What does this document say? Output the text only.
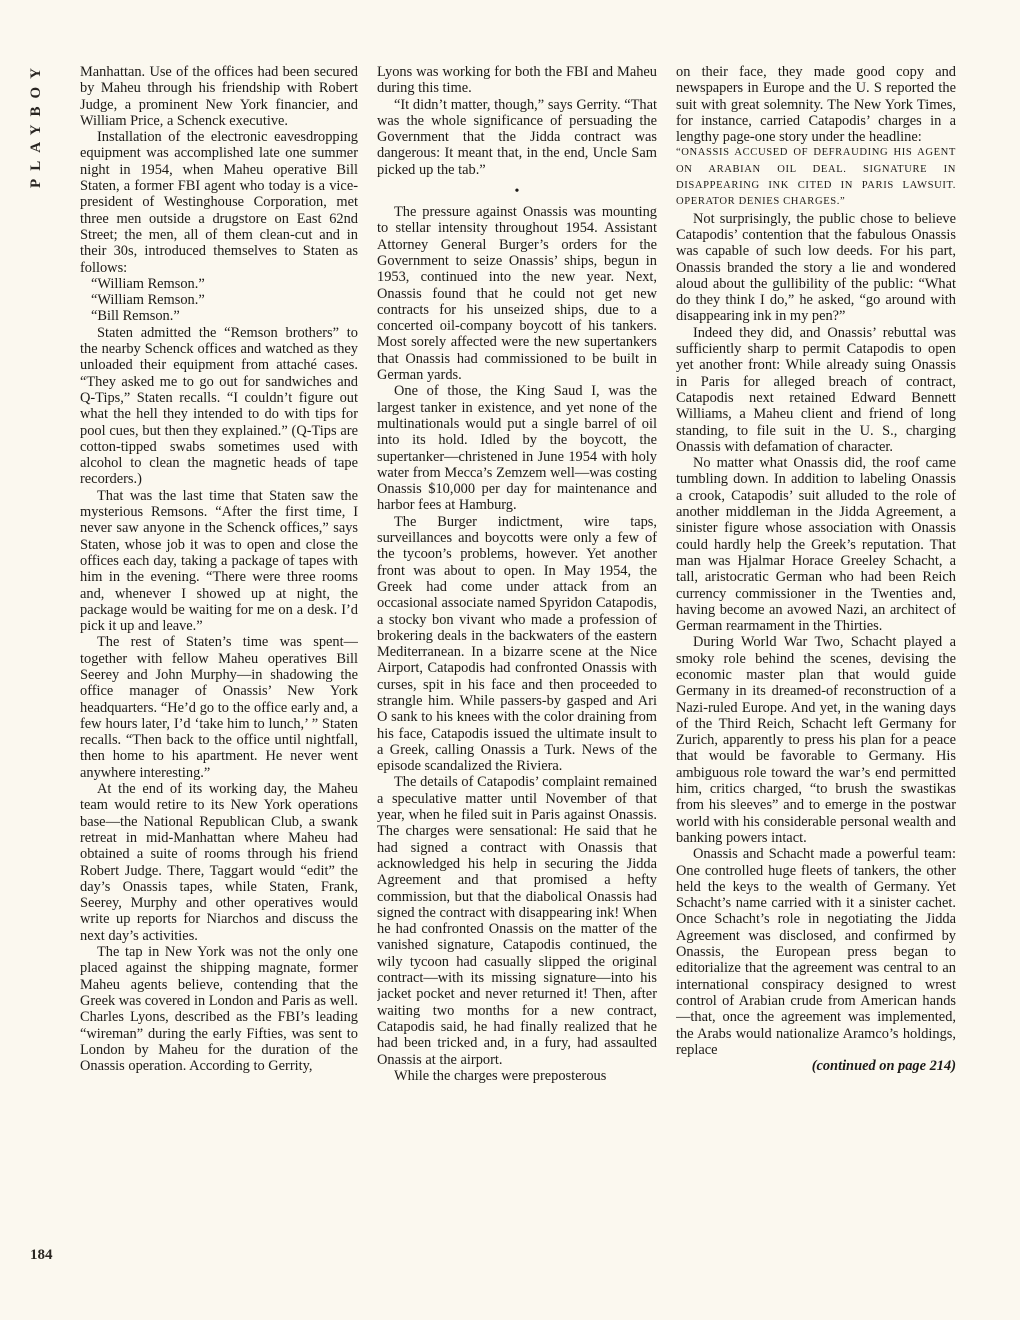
PLAYBOY	Manhattan. Use of the offices had been secured by Maheu through his friendship with Robert Judge, a prominent New York financier, and William Price, a Schenck executive.

Installation of the electronic eavesdropping equipment was accomplished late one summer night in 1954, when Maheu operative Bill Staten, a former FBI agent who today is a vice-president of Westinghouse Corporation, met three men outside a drugstore on East 62nd Street; the men, all of them clean-cut and in their 30s, introduced themselves to Staten as follows:

“William Remson.”

“William Remson.”

“Bill Remson.”

Staten admitted the “Remson brothers” to the nearby Schenck offices and watched as they unloaded their equipment from attaché cases. “They asked me to go out for sandwiches and Q-Tips,” Staten recalls. “I couldn’t figure out what the hell they intended to do with tips for pool cues, but then they explained.” (Q-Tips are cotton-tipped swabs sometimes used with alcohol to clean the magnetic heads of tape recorders.)

That was the last time that Staten saw the mysterious Remsons. “After the first time, I never saw anyone in the Schenck offices,” says Staten, whose job it was to open and close the offices each day, taking a package of tapes with him in the evening. “There were three rooms and, whenever I showed up at night, the package would be waiting for me on a desk. I’d pick it up and leave.”

The rest of Staten’s time was spent—together with fellow Maheu operatives Bill Seerey and John Murphy—in shadowing the office manager of Onassis’ New York headquarters. “He’d go to the office early and, a few hours later, I’d ‘take him to lunch,’ ” Staten recalls. “Then back to the office until nightfall, then home to his apartment. He never went anywhere interesting.”

At the end of its working day, the Maheu team would retire to its New York operations base—the National Republican Club, a swank retreat in mid-Manhattan where Maheu had obtained a suite of rooms through his friend Robert Judge. There, Taggart would “edit” the day’s Onassis tapes, while Staten, Frank, Seerey, Murphy and other operatives would write up reports for Niarchos and discuss the next day’s activities.

The tap in New York was not the only one placed against the shipping magnate, former Maheu agents believe, contending that the Greek was covered in London and Paris as well. Charles Lyons, described as the FBI’s leading “wireman” during the early Fifties, was sent to London by Maheu for the duration of the Onassis operation. According to Gerrity,

Lyons was working for both the FBI and Maheu during this time.

“It didn’t matter, though,” says Gerrity. “That was the whole significance of persuading the Government that the Jidda contract was dangerous: It meant that, in the end, Uncle Sam picked up the tab.”

•

The pressure against Onassis was mounting to stellar intensity throughout 1954. Assistant Attorney General Burger’s orders for the Government to seize Onassis’ ships, begun in 1953, continued into the new year. Next, Onassis found that he could not get new contracts for his unseized ships, due to a concerted oil-company boycott of his tankers. Most sorely affected were the new supertankers that Onassis had commissioned to be built in German yards.

One of those, the King Saud I, was the largest tanker in existence, and yet none of the multinationals would put a single barrel of oil into its hold. Idled by the boycott, the supertanker—christened in June 1954 with holy water from Mecca’s Zemzem well—was costing Onassis $10,000 per day for maintenance and harbor fees at Hamburg.

The Burger indictment, wire taps, surveillances and boycotts were only a few of the tycoon’s problems, however. Yet another front was about to open. In May 1954, the Greek had come under attack from an occasional associate named Spyridon Catapodis, a stocky bon vivant who made a profession of brokering deals in the backwaters of the eastern Mediterranean. In a bizarre scene at the Nice Airport, Catapodis had confronted Onassis with curses, spit in his face and then proceeded to strangle him. While passers-by gasped and Ari O sank to his knees with the color draining from his face, Catapodis issued the ultimate insult to a Greek, calling Onassis a Turk. News of the episode scandalized the Riviera.

The details of Catapodis’ complaint remained a speculative matter until November of that year, when he filed suit in Paris against Onassis. The charges were sensational: He said that he had signed a contract with Onassis that acknowledged his help in securing the Jidda Agreement and that promised a hefty commission, but that the diabolical Onassis had signed the contract with disappearing ink! When he had confronted Onassis on the matter of the vanished signature, Catapodis continued, the wily tycoon had casually slipped the original contract—with its missing signature—into his jacket pocket and never returned it! Then, after waiting two months for a new contract, Catapodis said, he had finally realized that he had been tricked and, in a fury, had assaulted Onassis at the airport.

While the charges were preposterous

on their face, they made good copy and newspapers in Europe and the U. S reported the suit with great solemnity. The New York Times, for instance, carried Catapodis’ charges in a lengthy page-one story under the headline:

“ONASSIS ACCUSED OF DEFRAUDING HIS AGENT ON ARABIAN OIL DEAL. SIGNATURE IN DISAPPEARING INK CITED IN PARIS LAWSUIT. OPERATOR DENIES CHARGES.”

Not surprisingly, the public chose to believe Catapodis’ contention that the fabulous Onassis was capable of such low deeds. For his part, Onassis branded the story a lie and wondered aloud about the gullibility of the public: “What do they think I do,” he asked, “go around with disappearing ink in my pen?”

Indeed they did, and Onassis’ rebuttal was sufficiently sharp to permit Catapodis to open yet another front: While already suing Onassis in Paris for alleged breach of contract, Catapodis next retained Edward Bennett Williams, a Maheu client and friend of long standing, to file suit in the U. S., charging Onassis with defamation of character.

No matter what Onassis did, the roof came tumbling down. In addition to labeling Onassis a crook, Catapodis’ suit alluded to the role of another middleman in the Jidda Agreement, a sinister figure whose association with Onassis could hardly help the Greek’s reputation. That man was Hjalmar Horace Greeley Schacht, a tall, aristocratic German who had been Reich currency commissioner in the Twenties and, having become an avowed Nazi, an architect of German rearmament in the Thirties.

During World War Two, Schacht played a smoky role behind the scenes, devising the economic master plan that would guide Germany in its dreamed-of reconstruction of a Nazi-ruled Europe. And yet, in the waning days of the Third Reich, Schacht left Germany for Zurich, apparently to press his plan for a peace that would be favorable to Germany. His ambiguous role toward the war’s end permitted him, critics charged, “to brush the swastikas from his sleeves” and to emerge in the postwar world with his considerable personal wealth and banking powers intact.

Onassis and Schacht made a powerful team: One controlled huge fleets of tankers, the other held the keys to the wealth of Germany. Yet Schacht’s name carried with it a sinister cachet. Once Schacht’s role in negotiating the Jidda Agreement was disclosed, and confirmed by Onassis, the European press began to editorialize that the agreement was central to an international conspiracy designed to wrest control of Arabian crude from American hands—that, once the agreement was implemented, the Arabs would nationalize Aramco’s holdings, replace

(continued on page 214)

184
